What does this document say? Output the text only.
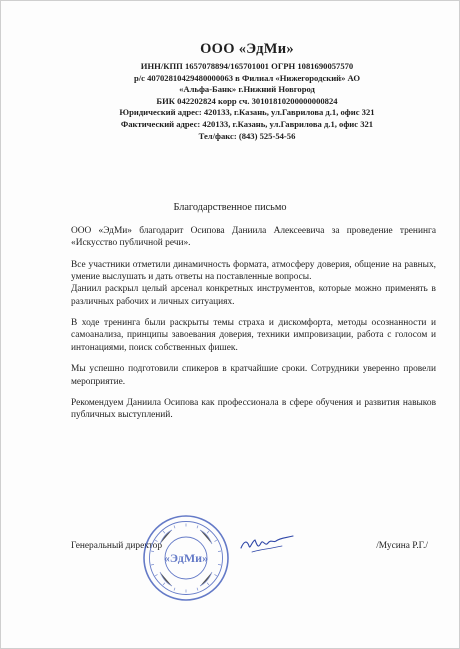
ООО «ЭдМи»
ИНН/КПП 1657078894/165701001 ОГРН 1081690057570
р/с 40702810429480000063 в Филиал «Нижегородский» АО
«Альфа-Банк» г.Нижний Новгород
БИК 042202824 корр сч. 30101810200000000824
Юридический адрес: 420133, г.Казань, ул.Гаврилова д.1, офис 321
Фактический адрес: 420133, г.Казань, ул.Гаврилова д.1, офис 321
Тел/факс: (843) 525-54-56
Благодарственное письмо

ООО «ЭдМи» благодарит Осипова Даниила Алексеевича за проведение тренинга «Искусство публичной речи».

Все участники отметили динамичность формата, атмосферу доверия, общение на равных, умение выслушать и дать ответы на поставленные вопросы.

Даниил раскрыл целый арсенал конкретных инструментов, которые можно применять в различных рабочих и личных ситуациях.

В ходе тренинга были раскрыты темы страха и дискомфорта, методы осознанности и самоанализа, принципы завоевания доверия, техники импровизации, работа с голосом и интонациями, поиск собственных фишек.

Мы успешно подготовили спикеров в кратчайшие сроки. Сотрудники уверенно провели мероприятие.

Рекомендуем Даниила Осипова как профессионала в сфере обучения и развития навыков публичных выступлений.

Генеральный директор	/Мусина Р.Г./
«ЭдМи»
